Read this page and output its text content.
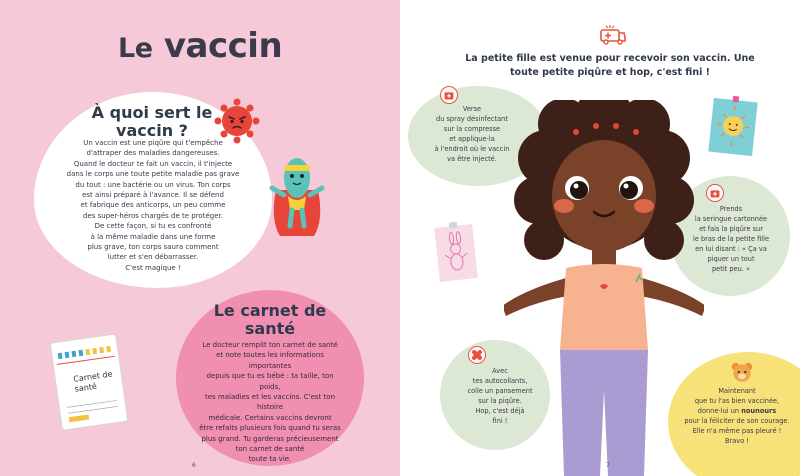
Le vaccin
À quoi sert le vaccin ?
Un vaccin est une piqûre qui t'empêche
d'attraper des maladies dangereuses.
Quand le docteur te fait un vaccin, il t'injecte
dans le corps une toute petite maladie pas grave
du tout : une bactérie ou un virus. Ton corps
est ainsi préparé à l'avance. Il se défend
et fabrique des anticorps, un peu comme
des super-héros chargés de te protéger.
De cette façon, si tu es confronté
à la même maladie dans une forme
plus grave, ton corps saura comment
lutter et s'en débarrasser.
C'est magique !
Le carnet de santé
Le docteur remplit ton carnet de santé
et note toutes les informations importantes
depuis que tu es bébé : ta taille, ton poids,
tes maladies et les vaccins. C'est ton histoire
médicale. Certains vaccins devront
être refaits plusieurs fois quand tu seras
plus grand. Tu garderas précieusement
ton carnet de santé
toute ta vie.
Carnet de santé
6
La petite fille est venue pour recevoir son vaccin. Une toute petite piqûre et hop, c'est fini !
Verse
du spray désinfectant
sur la compresse
et applique-la
à l'endroit où le vaccin
va être injecté.
Prends
la seringue cartonnée
et fais la piqûre sur
le bras de la petite fille
en lui disant : « Ça va
piquer un tout
petit peu. »
Avec
tes autocollants,
colle un pansement
sur la piqûre.
Hop, c'est déjà
fini !
Maintenant
que tu l'as bien vaccinée,
donne-lui un nounours
pour la féliciter de son courage.
Elle n'a même pas pleuré !
Bravo !
7
